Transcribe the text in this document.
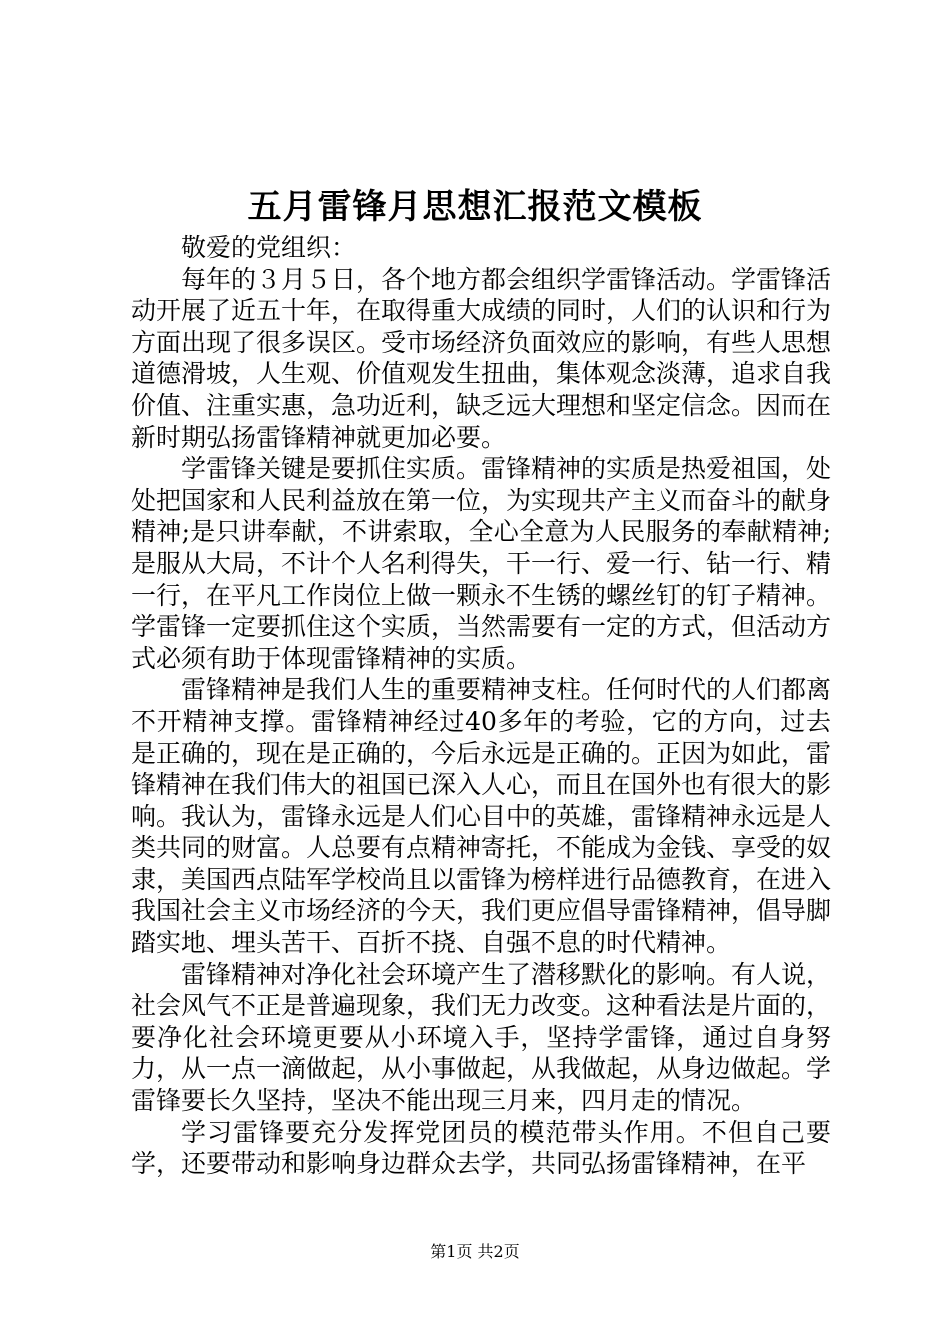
五月雷锋月思想汇报范文模板

敬爱的党组织：

每年的３月５日，各个地方都会组织学雷锋活动。学雷锋活动开展了近五十年，在取得重大成绩的同时，人们的认识和行为方面出现了很多误区。受市场经济负面效应的影响，有些人思想道德滑坡，人生观、价值观发生扭曲，集体观念淡薄，追求自我价值、注重实惠，急功近利，缺乏远大理想和坚定信念。因而在新时期弘扬雷锋精神就更加必要。

学雷锋关键是要抓住实质。雷锋精神的实质是热爱祖国，处处把国家和人民利益放在第一位，为实现共产主义而奋斗的献身精神;是只讲奉献，不讲索取，全心全意为人民服务的奉献精神;是服从大局，不计个人名利得失，干一行、爱一行、钻一行、精一行，在平凡工作岗位上做一颗永不生锈的螺丝钉的钉子精神。学雷锋一定要抓住这个实质，当然需要有一定的方式，但活动方式必须有助于体现雷锋精神的实质。

雷锋精神是我们人生的重要精神支柱。任何时代的人们都离不开精神支撑。雷锋精神经过40多年的考验，它的方向，过去是正确的，现在是正确的，今后永远是正确的。正因为如此，雷锋精神在我们伟大的祖国已深入人心，而且在国外也有很大的影响。我认为，雷锋永远是人们心目中的英雄，雷锋精神永远是人类共同的财富。人总要有点精神寄托，不能成为金钱、享受的奴隶，美国西点陆军学校尚且以雷锋为榜样进行品德教育，在进入我国社会主义市场经济的今天，我们更应倡导雷锋精神，倡导脚踏实地、埋头苦干、百折不挠、自强不息的时代精神。

雷锋精神对净化社会环境产生了潜移默化的影响。有人说，社会风气不正是普遍现象，我们无力改变。这种看法是片面的，要净化社会环境更要从小环境入手，坚持学雷锋，通过自身努力，从一点一滴做起，从小事做起，从我做起，从身边做起。学雷锋要长久坚持，坚决不能出现三月来，四月走的情况。

学习雷锋要充分发挥党团员的模范带头作用。不但自己要学，还要带动和影响身边群众去学，共同弘扬雷锋精神，在平

第1页 共2页
